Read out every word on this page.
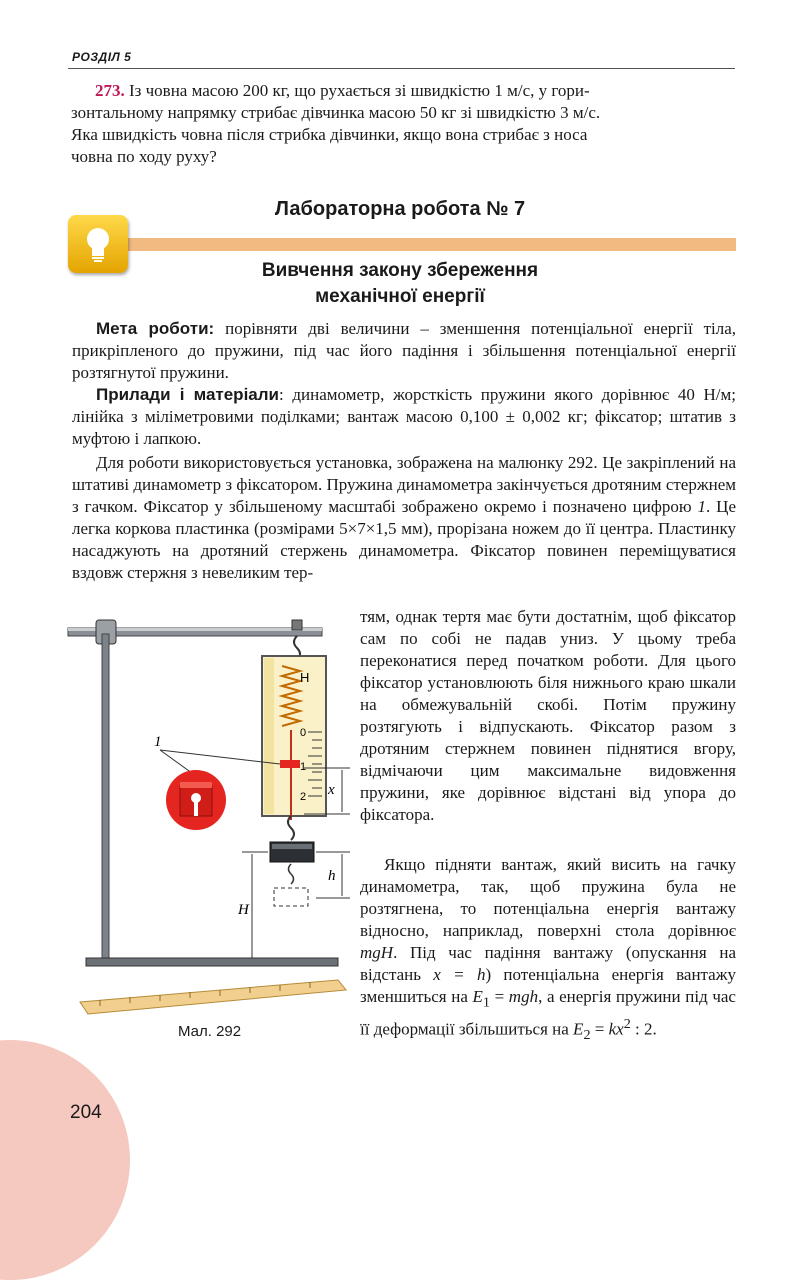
РОЗДІЛ 5
273. Із човна масою 200 кг, що рухається зі швидкістю 1 м/с, у гори-
зонтальному напрямку стрибає дівчинка масою 50 кг зі швидкістю 3 м/с.
Яка швидкість човна після стрибка дівчинки, якщо вона стрибає з носа
човна по ходу руху?
Лабораторна робота № 7
Вивчення закону збереження
механічної енергії
Мета роботи: порівняти дві величини – зменшення потенціальної енергії тіла, прикріпленого до пружини, під час його падіння і збільшення потенціальної енергії розтягнутої пружини.
Прилади і матеріали: динамометр, жорсткість пружини якого дорівнює 40 Н/м; лінійка з міліметровими поділками; вантаж масою 0,100 ± 0,002 кг; фіксатор; штатив з муфтою і лапкою.
Для роботи використовується установка, зображена на малюнку 292. Це закріплений на штативі динамометр з фіксатором. Пружина динамометра закінчується дротяним стержнем з гачком. Фіксатор у збільшеному масштабі зображено окремо і позначено цифрою 1. Це легка коркова пластинка (розмірами 5×7×1,5 мм), прорізана ножем до її центра. Пластинку насаджують на дротяний стержень динамометра. Фіксатор повинен переміщуватися вздовж стержня з невеликим тер-
тям, однак тертя має бути достатнім, щоб фіксатор сам по собі не падав униз. У цьому треба переконатися перед початком роботи. Для цього фіксатор установлюють біля нижнього краю шкали на обмежувальній скобі. Потім пружину розтягують і відпускають. Фіксатор разом з дротяним стержнем повинен піднятися вгору, відмічаючи цим максимальне видовження пружини, яке дорівнює відстані від упора до фіксатора.
Якщо підняти вантаж, який висить на гачку динамометра, так, щоб пружина була не розтягнена, то потенціальна енергія вантажу відносно, наприклад, поверхні стола дорівнює mgH. Під час падіння вантажу (опускання на відстань x = h) потенціальна енергія вантажу зменшиться на $E_1$ = mgh, а енергія пружини під час її деформації збільшиться на $E_2 = kx^2$ : 2.
Н
0
1
2 x
h
H
1
Мал. 292
204
